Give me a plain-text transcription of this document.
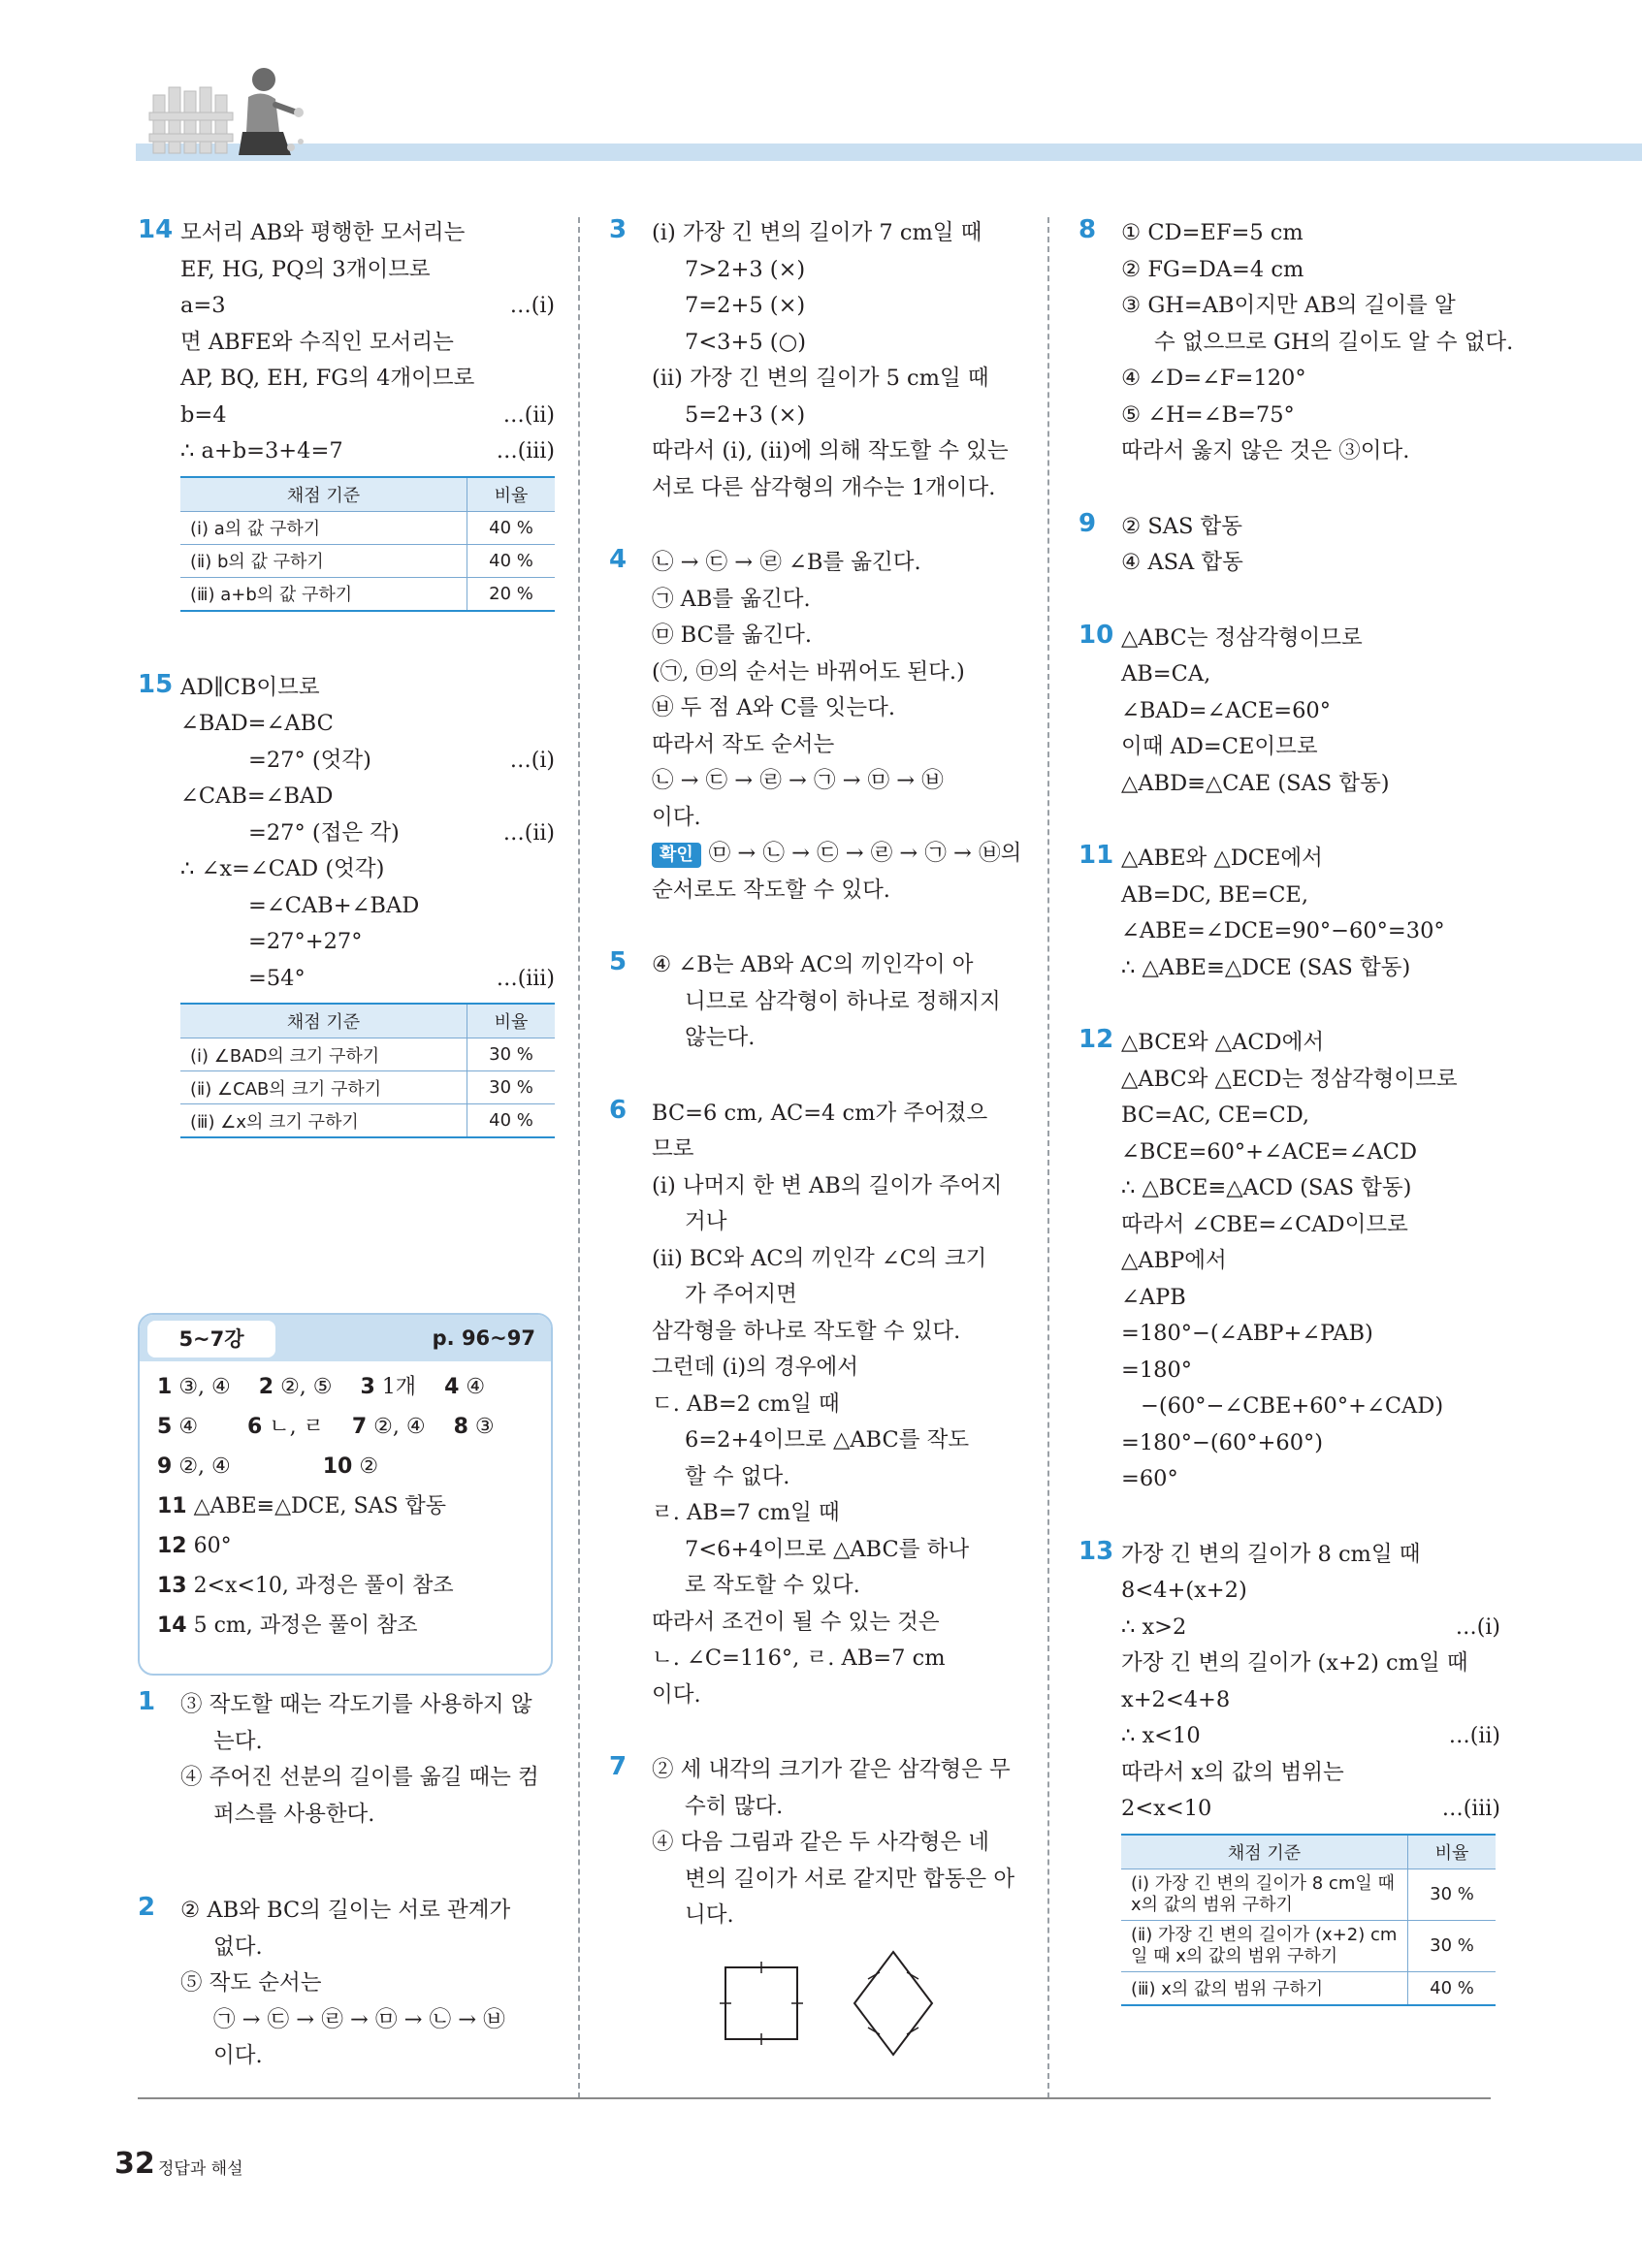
14 모서리 AB와 평행한 모서리는
EF, HG, PQ의 3개이므로
a=3	…(ⅰ)
면 ABFE와 수직인 모서리는
AP, BQ, EH, FG의 4개이므로
b=4	…(ⅱ)
∴ a+b=3+4=7	…(ⅲ)
채점 기준	비율
(ⅰ) a의 값 구하기	40 %
(ⅱ) b의 값 구하기	40 %
(ⅲ) a+b의 값 구하기	20 %
15 AD∥CB이므로
∠BAD=∠ABC
=27° (엇각)	…(ⅰ)
∠CAB=∠BAD
=27° (접은 각)	…(ⅱ)
∴ ∠x=∠CAD (엇각)
=∠CAB+∠BAD
=27°+27°
=54°	…(ⅲ)
채점 기준	비율
(ⅰ) ∠BAD의 크기 구하기	30 %
(ⅱ) ∠CAB의 크기 구하기	30 %
(ⅲ) ∠x의 크기 구하기	40 %
5~7강	p. 96~97
1 ③, ④ 2 ②, ⑤ 3 1개 4 ④
5 ④ 6 ㄴ, ㄹ 7 ②, ④ 8 ③
9 ②, ④	10 ②
11 △ABE≡△DCE, SAS 합동
12 60°
13 2<x<10, 과정은 풀이 참조
14 5 cm, 과정은 풀이 참조
1 ③ 작도할 때는 각도기를 사용하지 않
는다.
④ 주어진 선분의 길이를 옮길 때는 컴
퍼스를 사용한다.
2 ② AB와 BC의 길이는 서로 관계가
없다.
⑤ 작도 순서는
㉠ → ㉢ → ㉣ → ㉤ → ㉡ → ㉥
이다.
3 (ⅰ) 가장 긴 변의 길이가 7 cm일 때
7>2+3 (×)
7=2+5 (×)
7<3+5 (○)
(ⅱ) 가장 긴 변의 길이가 5 cm일 때
5=2+3 (×)
따라서 (ⅰ), (ⅱ)에 의해 작도할 수 있는
서로 다른 삼각형의 개수는 1개이다.
4 ㉡ → ㉢ → ㉣ ∠B를 옮긴다.
㉠ AB를 옮긴다.
㉤ BC를 옮긴다.
(㉠, ㉤의 순서는 바뀌어도 된다.)
㉥ 두 점 A와 C를 잇는다.
따라서 작도 순서는
㉡ → ㉢ → ㉣ → ㉠ → ㉤ → ㉥
이다.
확인 ㉤ → ㉡ → ㉢ → ㉣ → ㉠ → ㉥의
순서로도 작도할 수 있다.
5 ④ ∠B는 AB와 AC의 끼인각이 아
니므로 삼각형이 하나로 정해지지
않는다.
6 BC=6 cm, AC=4 cm가 주어졌으
므로
(ⅰ) 나머지 한 변 AB의 길이가 주어지
거나
(ⅱ) BC와 AC의 끼인각 ∠C의 크기
가 주어지면
삼각형을 하나로 작도할 수 있다.
그런데 (ⅰ)의 경우에서
ㄷ. AB=2 cm일 때
6=2+4이므로 △ABC를 작도
할 수 없다.
ㄹ. AB=7 cm일 때
7<6+4이므로 △ABC를 하나
로 작도할 수 있다.
따라서 조건이 될 수 있는 것은
ㄴ. ∠C=116°, ㄹ. AB=7 cm
이다.
7 ② 세 내각의 크기가 같은 삼각형은 무
수히 많다.
④ 다음 그림과 같은 두 사각형은 네
변의 길이가 서로 같지만 합동은 아
니다.
8 ① CD=EF=5 cm
② FG=DA=4 cm
③ GH=AB이지만 AB의 길이를 알
수 없으므로 GH의 길이도 알 수 없다.
④ ∠D=∠F=120°
⑤ ∠H=∠B=75°
따라서 옳지 않은 것은 ③이다.
9 ② SAS 합동
④ ASA 합동
10 △ABC는 정삼각형이므로
AB=CA,
∠BAD=∠ACE=60°
이때 AD=CE이므로
△ABD≡△CAE (SAS 합동)
11 △ABE와 △DCE에서
AB=DC, BE=CE,
∠ABE=∠DCE=90°−60°=30°
∴ △ABE≡△DCE (SAS 합동)
12 △BCE와 △ACD에서
△ABC와 △ECD는 정삼각형이므로
BC=AC, CE=CD,
∠BCE=60°+∠ACE=∠ACD
∴ △BCE≡△ACD (SAS 합동)
따라서 ∠CBE=∠CAD이므로
△ABP에서
∠APB
=180°−(∠ABP+∠PAB)
=180°
−(60°−∠CBE+60°+∠CAD)
=180°−(60°+60°)
=60°
13 가장 긴 변의 길이가 8 cm일 때
8<4+(x+2)
∴ x>2	…(ⅰ)
가장 긴 변의 길이가 (x+2) cm일 때
x+2<4+8
∴ x<10	…(ⅱ)
따라서 x의 값의 범위는
2<x<10	…(ⅲ)
채점 기준	비율
(ⅰ) 가장 긴 변의 길이가 8 cm일 때 x의 값의 범위 구하기	30 %
(ⅱ) 가장 긴 변의 길이가 (x+2) cm일 때 x의 값의 범위 구하기	30 %
(ⅲ) x의 값의 범위 구하기	40 %
32 정답과 해설
